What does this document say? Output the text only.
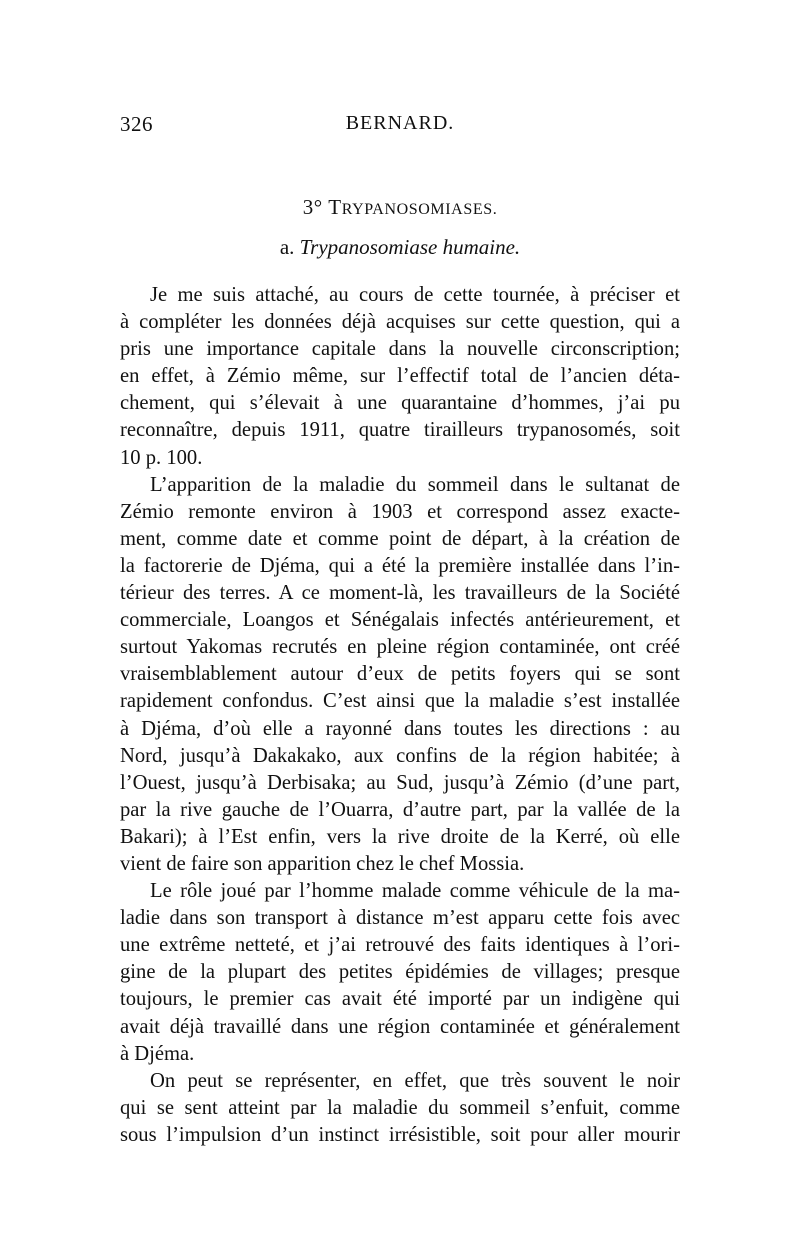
326	BERNARD.
3° TRYPANOSOMIASES.
a. Trypanosomiase humaine.
Je me suis attaché, au cours de cette tournée, à préciser et
à compléter les données déjà acquises sur cette question, qui a
pris une importance capitale dans la nouvelle circonscription;
en effet, à Zémio même, sur l’effectif total de l’ancien déta-
chement, qui s’élevait à une quarantaine d’hommes, j’ai pu
reconnaître, depuis 1911, quatre tirailleurs trypanosomés, soit
10 p. 100.
L’apparition de la maladie du sommeil dans le sultanat de
Zémio remonte environ à 1903 et correspond assez exacte-
ment, comme date et comme point de départ, à la création de
la factorerie de Djéma, qui a été la première installée dans l’in-
térieur des terres. A ce moment-là, les travailleurs de la Société
commerciale, Loangos et Sénégalais infectés antérieurement, et
surtout Yakomas recrutés en pleine région contaminée, ont créé
vraisemblablement autour d’eux de petits foyers qui se sont
rapidement confondus. C’est ainsi que la maladie s’est installée
à Djéma, d’où elle a rayonné dans toutes les directions : au
Nord, jusqu’à Dakakako, aux confins de la région habitée; à
l’Ouest, jusqu’à Derbisaka; au Sud, jusqu’à Zémio (d’une part,
par la rive gauche de l’Ouarra, d’autre part, par la vallée de la
Bakari); à l’Est enfin, vers la rive droite de la Kerré, où elle
vient de faire son apparition chez le chef Mossia.
Le rôle joué par l’homme malade comme véhicule de la ma-
ladie dans son transport à distance m’est apparu cette fois avec
une extrême netteté, et j’ai retrouvé des faits identiques à l’ori-
gine de la plupart des petites épidémies de villages; presque
toujours, le premier cas avait été importé par un indigène qui
avait déjà travaillé dans une région contaminée et généralement
à Djéma.
On peut se représenter, en effet, que très souvent le noir
qui se sent atteint par la maladie du sommeil s’enfuit, comme
sous l’impulsion d’un instinct irrésistible, soit pour aller mourir
